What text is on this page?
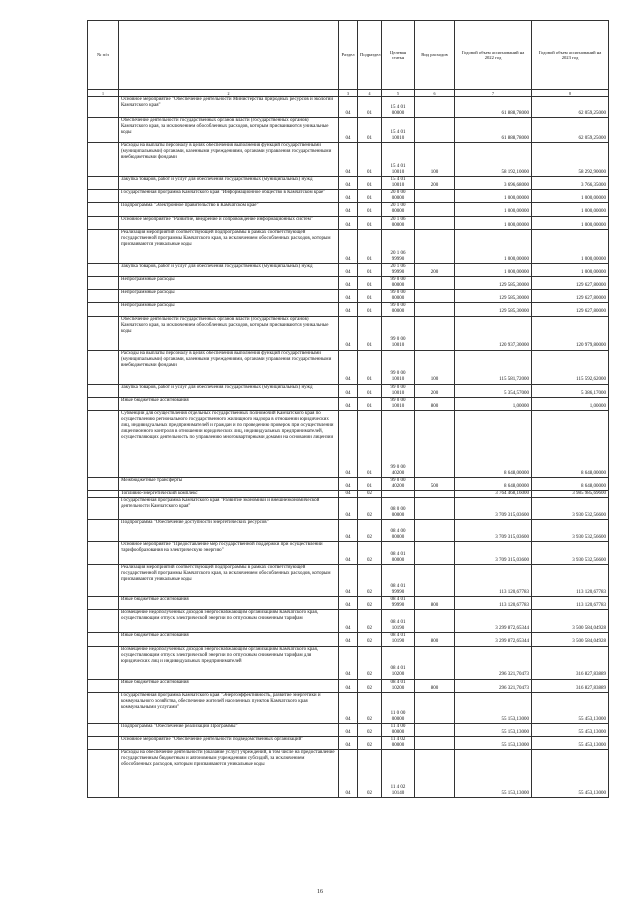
№ п/п		Раздел	Подраздел	Целевая статья	Вид расходов	Годовой объем ассигнований на 2022 год	Годовой объем ассигнований на 2023 год
1	2	3	4	5	6	7	8
	Основное мероприятие "Обеспечение деятельности Министерства природных ресурсов и экологии Камчатского края"	04	01	15 4 01 00000		61 888,78000	62 059,25000
	Обеспечение деятельности государственных органов власти (государственных органов) Камчатского края, за исключением обособленных расходов, которым присваиваются уникальные коды	04	01	15 4 01 10010		61 888,78000	62 059,25000
	Расходы на выплаты персоналу в целях обеспечения выполнения функций государственными (муниципальными) органами, казенными учреждениями, органами управления государственными внебюджетными фондами	04	01	15 4 01 10010	100	58 192,10000	58 292,90000
	Закупка товаров, работ и услуг для обеспечения государственных (муниципальных) нужд	04	01	15 4 01 10010	200	3 696,68000	3 766,35000
	Государственная программа Камчатского края "Информационное общество в Камчатском крае"	04	01	20 0 00 00000		1 000,00000	1 000,00000
	Подпрограмма "Электронное правительство в Камчатском крае"	04	01	20 1 00 00000		1 000,00000	1 000,00000
	Основное мероприятие "Развитие, внедрение и сопровождение информационных систем"	04	01	20 1 06 00000		1 000,00000	1 000,00000
	Реализация мероприятий соответствующей подпрограммы в рамках соответствующей государственной программы Камчатского края, за исключением обособленных расходов, которым присваиваются уникальные коды	04	01	20 1 06 99990		1 000,00000	1 000,00000
	Закупка товаров, работ и услуг для обеспечения государственных (муниципальных) нужд	04	01	20 1 06 99990	200	1 000,00000	1 000,00000
	Непрограммные расходы	04	01	99 0 00 00000		129 585,30000	129 627,80000
	Непрограммные расходы	04	01	99 0 00 00000		129 585,30000	129 627,80000
	Непрограммные расходы	04	01	99 0 00 00000		129 585,30000	129 627,80000
	Обеспечение деятельности государственных органов власти (государственных органов) Камчатского края, за исключением обособленных расходов, которым присваиваются уникальные коды	04	01	99 0 00 10010		120 937,30000	120 979,80000
	Расходы на выплаты персоналу в целях обеспечения выполнения функций государственными (муниципальными) органами, казенными учреждениями, органами управления государственными внебюджетными фондами	04	01	99 0 00 10010	100	115 581,72000	115 592,62000
	Закупка товаров, работ и услуг для обеспечения государственных (муниципальных) нужд	04	01	99 0 00 10010	200	5 354,57000	5 386,17000
	Иные бюджетные ассигнования	04	01	99 0 00 10010	800	1,00000	1,00000
	Субвенции для осуществления отдельных государственных полномочий Камчатского края по осуществлению регионального государственного жилищного надзора в отношении юридических лиц, индивидуальных предпринимателей и граждан и по проведению проверок при осуществлении лицензионного контроля в отношении юридических лиц, индивидуальных предпринимателей, осуществляющих деятельность по управлению многоквартирными домами на основании лицензии	04	01	99 0 00 40200		8 648,00000	8 648,00000
	Межбюджетные трансферты	04	01	99 0 00 40200	500	8 648,00000	8 648,00000
	Топливно-энергетический комплекс	04	02			3 764 468,16000	3 985 985,69600
	Государственная программа Камчатского края "Развитие экономики и внешнеэкономической деятельности Камчатского края"	04	02	08 0 00 00000		3 709 315,03600	3 930 532,56600
	Подпрограмма "Обеспечение доступности энергетических ресурсов"	04	02	08 4 00 00000		3 709 315,03600	3 930 532,56600
	Основное мероприятие "Предоставление мер государственной поддержки при осуществлении тарифообразования на электрическую энергию"	04	02	08 4 01 00000		3 709 315,03600	3 930 532,56600
	Реализация мероприятий соответствующей подпрограммы в рамках соответствующей государственной программы Камчатского края, за исключением обособленных расходов, которым присваиваются уникальные коды	04	02	08 4 01 99990		113 120,67783	113 120,67783
	Иные бюджетные ассигнования	04	02	08 4 01 99990	800	113 120,67783	113 120,67783
	Возмещение недополученных доходов энергоснабжающим организациям Камчатского края, осуществляющим отпуск электрической энергии по отпускным сниженным тарифам	04	02	08 4 01 10190		3 299 872,65344	3 500 584,04928
	Иные бюджетные ассигнования	04	02	08 4 01 10190	800	3 299 872,65344	3 500 584,04928
	Возмещение недополученных доходов энергоснабжающим организациям Камчатского края, осуществляющим отпуск электрической энергии по отпускным сниженным тарифам для юридических лиц и индивидуальных предпринимателей	04	02	08 4 01 10200		296 321,70473	316 827,83889
	Иные бюджетные ассигнования	04	02	08 4 01 10200	800	296 321,70473	316 827,83889
	Государственная программа Камчатского края "Энергоэффективность, развитие энергетики и коммунального хозяйства, обеспечение жителей населенных пунктов Камчатского края коммунальными услугами"	04	02	11 0 00 00000		55 153,13000	55 453,13000
	Подпрограмма "Обеспечение реализации Программы"	04	02	11 4 00 00000		55 153,13000	55 453,13000
	Основное мероприятие "Обеспечение деятельности подведомственных организаций"	04	02	11 4 02 00000		55 153,13000	55 453,13000
	Расходы на обеспечение деятельности (оказание услуг) учреждений, в том числе на предоставление государственным бюджетным и автономным учреждениям субсидий, за исключением обособленных расходов, которым присваиваются уникальные коды	04	02	11 4 02 10140		55 153,13000	55 453,13000
16
